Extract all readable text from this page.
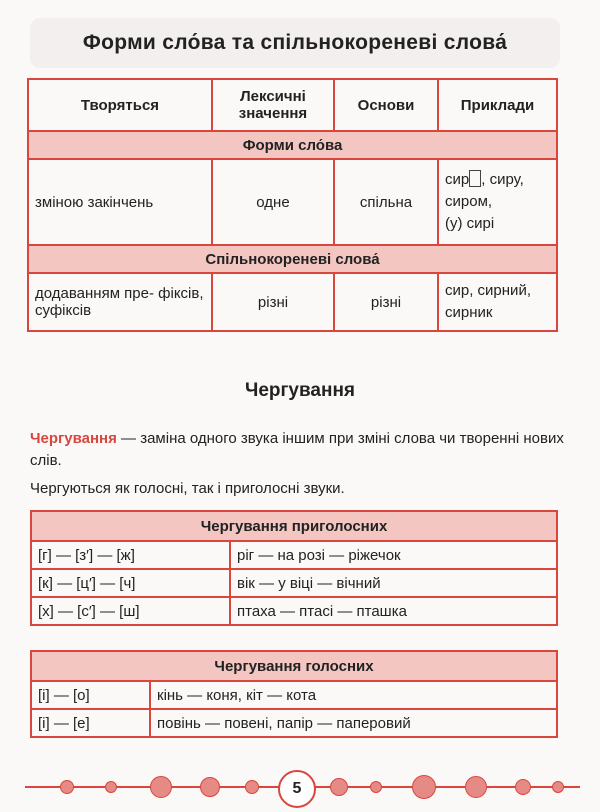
Форми сло́ва та спільнокореневі слова́
Творяться	Лексичні значення	Основи	Приклади
Форми сло́ва			
зміною закінчень	одне	спільна	сир , сиру,
сиром,
(у) сирі
Спільнокореневі слова́			
додаванням пре- фіксів, суфіксів	різні	різні	сир, сирний,
сирник
Чергування
Чергування — заміна одного звука іншим при зміні слова чи творенні нових слів.
Чергуються як голосні, так і приголосні звуки.
Чергування приголосних	
[г] — [з′] — [ж]	ріг — на розі — ріжечок
[к] — [ц′] — [ч]	вік — у віці — вічний
[х] — [с′] — [ш]	птаха — птасі — пташка
Чергування голосних	
[і] — [о]	кінь — коня, кіт — кота
[і] — [е]	повінь — повені, папір — паперовий
5
